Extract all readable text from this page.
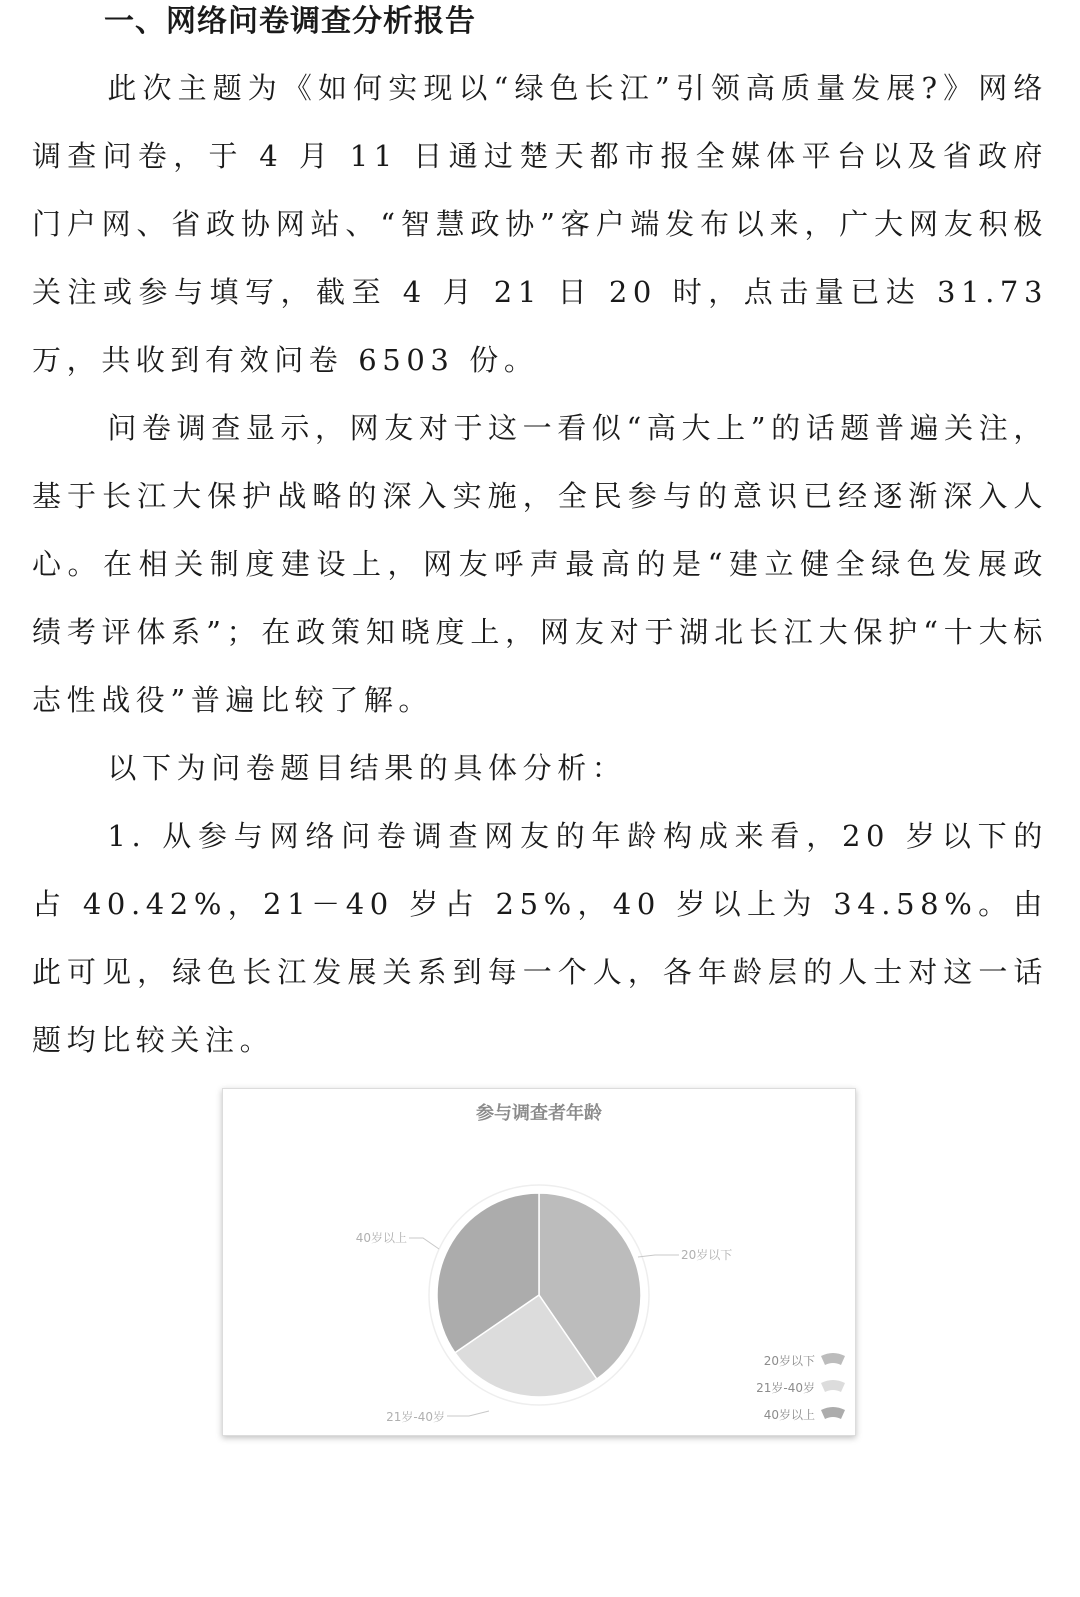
一、网络问卷调查分析报告

此次主题为《如何实现以“绿色长江”引领高质量发展?》网络调查问卷，于 4 月 11 日通过楚天都市报全媒体平台以及省政府门户网、省政协网站、“智慧政协”客户端发布以来，广大网友积极关注或参与填写，截至 4 月 21 日 20 时，点击量已达 31.73 万，共收到有效问卷 6503 份。

问卷调查显示，网友对于这一看似“高大上”的话题普遍关注，基于长江大保护战略的深入实施，全民参与的意识已经逐渐深入人心。在相关制度建设上，网友呼声最高的是“建立健全绿色发展政绩考评体系”；在政策知晓度上，网友对于湖北长江大保护“十大标志性战役”普遍比较了解。

以下为问卷题目结果的具体分析：

1. 从参与网络问卷调查网友的年龄构成来看，20 岁以下的占 40.42%，21－40 岁占 25%，40 岁以上为 34.58%。由此可见，绿色长江发展关系到每一个人，各年龄层的人士对这一话题均比较关注。

20岁以下
21岁-40岁
40岁以上
20岁以下
21岁-40岁
40岁以上
参与调查者年龄
